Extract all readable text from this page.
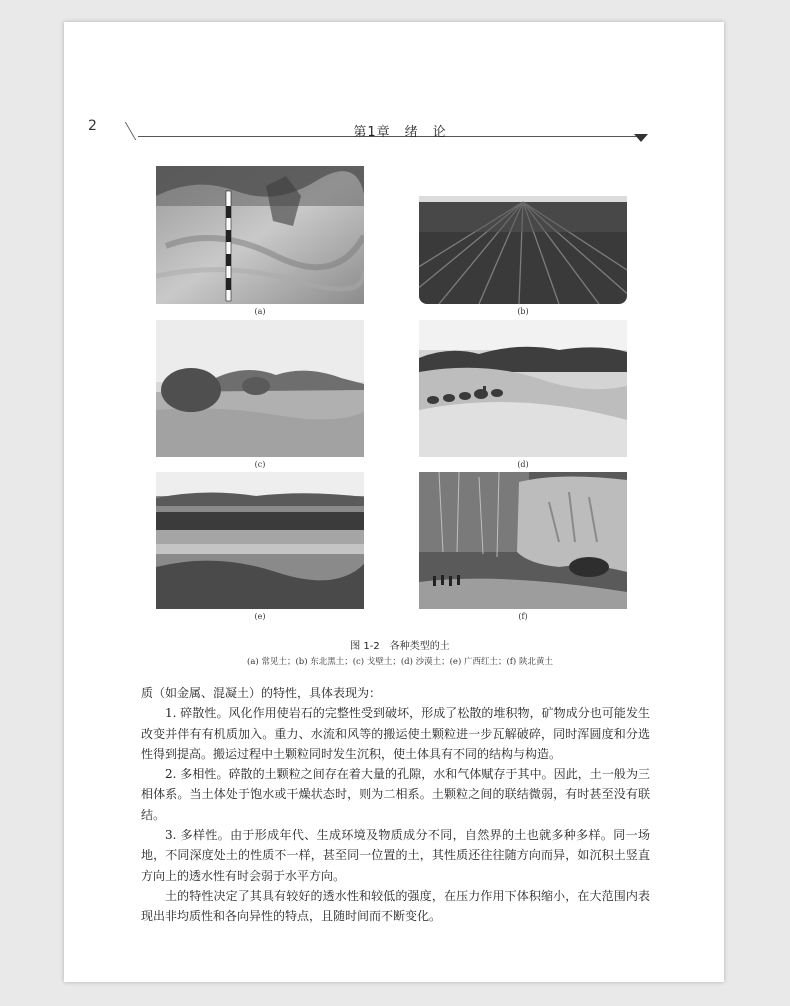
2	第1章　绪　论
(a)	(b)
(c)	(d)
(e)	(f)
图 1-2　各种类型的土
(a) 常见土；(b) 东北黑土；(c) 戈壁土；(d) 沙漠土；(e) 广西红土；(f) 陕北黄土

质（如金属、混凝土）的特性，具体表现为：

1. 碎散性。风化作用使岩石的完整性受到破坏，形成了松散的堆积物，矿物成分也可能发生改变并伴有有机质加入。重力、水流和风等的搬运使土颗粒进一步瓦解破碎，同时浑圆度和分选性得到提高。搬运过程中土颗粒同时发生沉积，使土体具有不同的结构与构造。

2. 多相性。碎散的土颗粒之间存在着大量的孔隙，水和气体赋存于其中。因此，土一般为三相体系。当土体处于饱水或干燥状态时，则为二相系。土颗粒之间的联结微弱，有时甚至没有联结。

3. 多样性。由于形成年代、生成环境及物质成分不同，自然界的土也就多种多样。同一场地，不同深度处土的性质不一样，甚至同一位置的土，其性质还往往随方向而异，如沉积土竖直方向上的透水性有时会弱于水平方向。

土的特性决定了其具有较好的透水性和较低的强度，在压力作用下体积缩小，在大范围内表现出非均质性和各向异性的特点，且随时间而不断变化。
